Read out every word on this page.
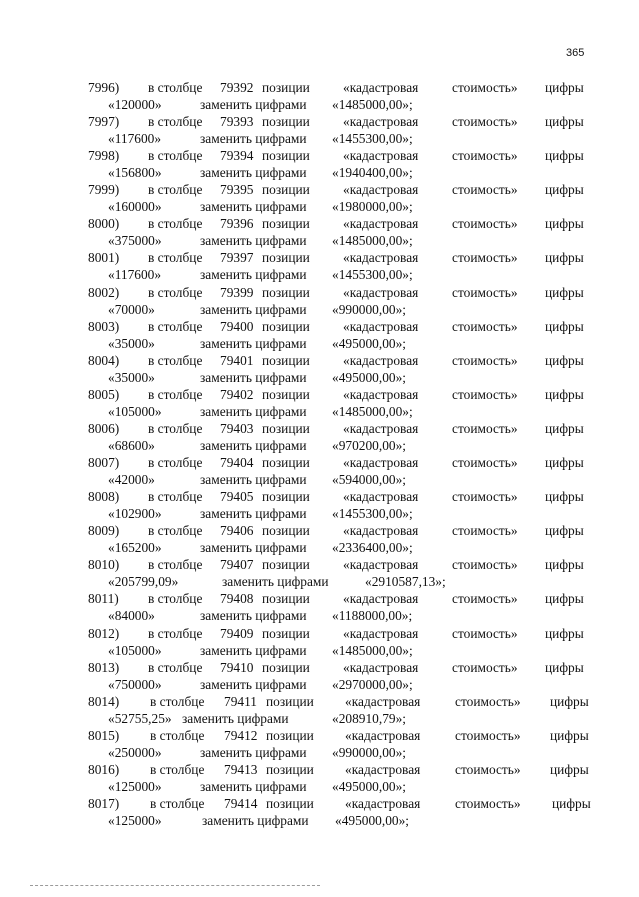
365
7996) в столбце 79392 позиции «кадастровая	стоимость» цифры
«120000»	заменить цифрами «1485000,00»;
7997) в столбце 79393 позиции «кадастровая	стоимость» цифры
«117600»	заменить цифрами «1455300,00»;
7998) в столбце 79394 позиции «кадастровая	стоимость» цифры
«156800»	заменить цифрами «1940400,00»;
7999) в столбце 79395 позиции «кадастровая	стоимость» цифры
«160000»	заменить цифрами «1980000,00»;
8000) в столбце 79396 позиции «кадастровая	стоимость» цифры
«375000»	заменить цифрами «1485000,00»;
8001) в столбце 79397 позиции «кадастровая	стоимость» цифры
«117600»	заменить цифрами «1455300,00»;
8002) в столбце 79399 позиции «кадастровая	стоимость» цифры
«70000»	заменить цифрами «990000,00»;
8003) в столбце 79400 позиции «кадастровая	стоимость» цифры
«35000»	заменить цифрами «495000,00»;
8004) в столбце 79401 позиции «кадастровая	стоимость» цифры
«35000»	заменить цифрами «495000,00»;
8005) в столбце 79402 позиции «кадастровая	стоимость» цифры
«105000»	заменить цифрами «1485000,00»;
8006) в столбце 79403 позиции «кадастровая	стоимость» цифры
«68600»	заменить цифрами «970200,00»;
8007) в столбце 79404 позиции «кадастровая	стоимость» цифры
«42000»	заменить цифрами «594000,00»;
8008) в столбце 79405 позиции «кадастровая	стоимость» цифры
«102900»	заменить цифрами «1455300,00»;
8009) в столбце 79406 позиции «кадастровая	стоимость» цифры
«165200»	заменить цифрами «2336400,00»;
8010) в столбце 79407 позиции «кадастровая	стоимость» цифры
«205799,09»	заменить цифрами	«2910587,13»;
8011) в столбце 79408 позиции «кадастровая	стоимость» цифры
«84000»	заменить цифрами «1188000,00»;
8012) в столбце 79409 позиции «кадастровая	стоимость» цифры
«105000»	заменить цифрами «1485000,00»;
8013) в столбце 79410 позиции «кадастровая	стоимость» цифры
«750000»	заменить цифрами «2970000,00»;
8014) в столбце 79411 позиции «кадастровая	стоимость» цифры
«52755,25» заменить цифрами	«208910,79»;
8015) в столбце 79412 позиции «кадастровая	стоимость» цифры
«250000»	заменить цифрами «990000,00»;
8016) в столбце 79413 позиции «кадастровая	стоимость» цифры
«125000»	заменить цифрами «495000,00»;
8017) в столбце 79414 позиции «кадастровая	стоимость» цифры
«125000»	заменить цифрами «495000,00»;
